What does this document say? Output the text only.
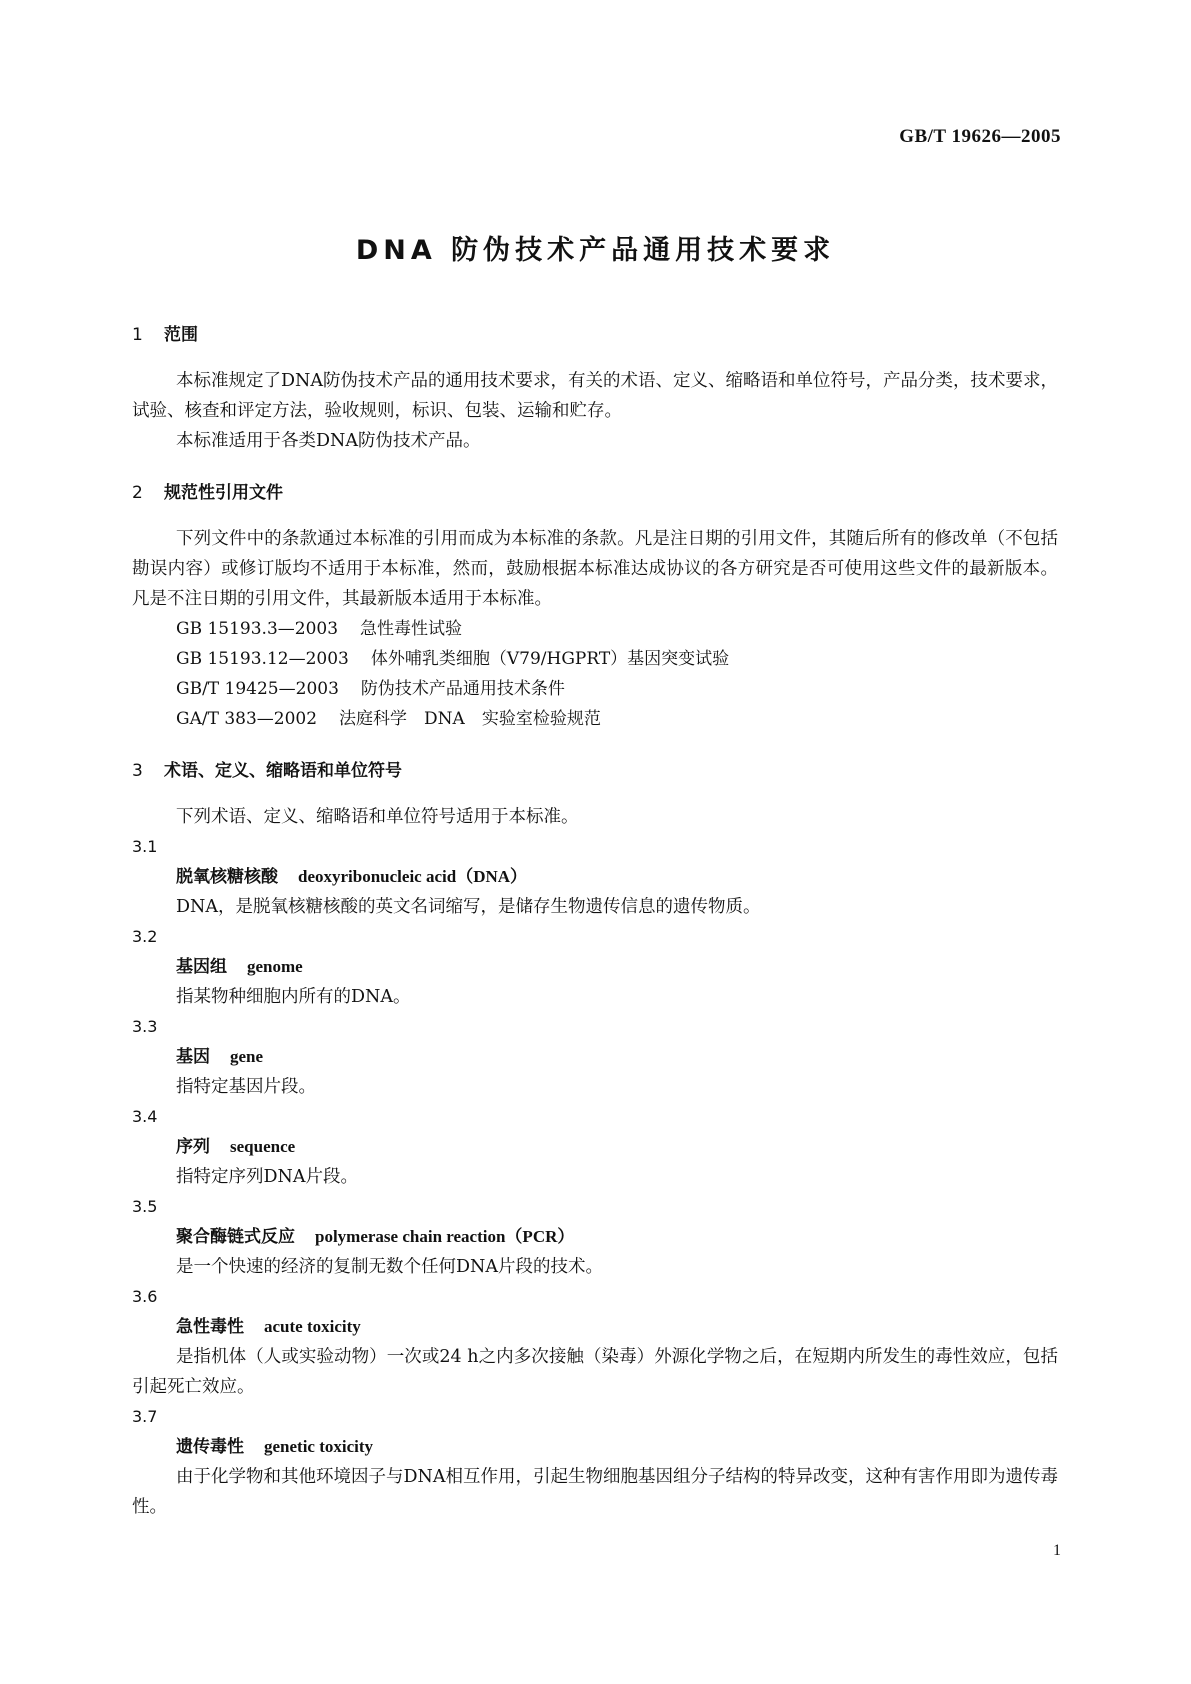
GB/T 19626—2005
DNA 防伪技术产品通用技术要求
1 范围
本标准规定了DNA防伪技术产品的通用技术要求，有关的术语、定义、缩略语和单位符号，产品分类，技术要求，试验、核查和评定方法，验收规则，标识、包装、运输和贮存。
本标准适用于各类DNA防伪技术产品。
2 规范性引用文件
下列文件中的条款通过本标准的引用而成为本标准的条款。凡是注日期的引用文件，其随后所有的修改单（不包括勘误内容）或修订版均不适用于本标准，然而，鼓励根据本标准达成协议的各方研究是否可使用这些文件的最新版本。凡是不注日期的引用文件，其最新版本适用于本标准。
GB 15193.3—2003 急性毒性试验
GB 15193.12—2003 体外哺乳类细胞（V79/HGPRT）基因突变试验
GB/T 19425—2003 防伪技术产品通用技术条件
GA/T 383—2002 法庭科学　DNA　实验室检验规范
3 术语、定义、缩略语和单位符号
下列术语、定义、缩略语和单位符号适用于本标准。
3.1
脱氧核糖核酸 deoxyribonucleic acid（DNA）
DNA，是脱氧核糖核酸的英文名词缩写，是储存生物遗传信息的遗传物质。
3.2
基因组 genome
指某物种细胞内所有的DNA。
3.3
基因 gene
指特定基因片段。
3.4
序列 sequence
指特定序列DNA片段。
3.5
聚合酶链式反应 polymerase chain reaction（PCR）
是一个快速的经济的复制无数个任何DNA片段的技术。
3.6
急性毒性 acute toxicity
是指机体（人或实验动物）一次或24 h之内多次接触（染毒）外源化学物之后，在短期内所发生的毒性效应，包括引起死亡效应。
3.7
遗传毒性 genetic toxicity
由于化学物和其他环境因子与DNA相互作用，引起生物细胞基因组分子结构的特异改变，这种有害作用即为遗传毒性。
1
